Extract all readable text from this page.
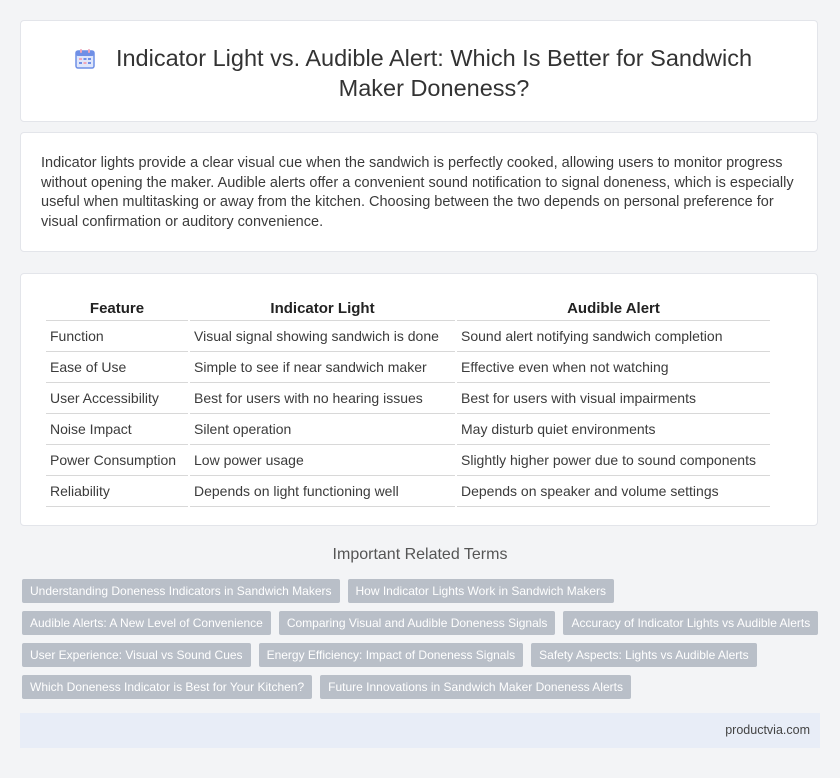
Indicator Light vs. Audible Alert: Which Is Better for Sandwich Maker Doneness?

Indicator lights provide a clear visual cue when the sandwich is perfectly cooked, allowing users to monitor progress without opening the maker. Audible alerts offer a convenient sound notification to signal doneness, which is especially useful when multitasking or away from the kitchen. Choosing between the two depends on personal preference for visual confirmation or auditory convenience.

Feature	Indicator Light	Audible Alert
Function	Visual signal showing sandwich is done	Sound alert notifying sandwich completion
Ease of Use	Simple to see if near sandwich maker	Effective even when not watching
User Accessibility	Best for users with no hearing issues	Best for users with visual impairments
Noise Impact	Silent operation	May disturb quiet environments
Power Consumption	Low power usage	Slightly higher power due to sound components
Reliability	Depends on light functioning well	Depends on speaker and volume settings
Important Related Terms
Understanding Doneness Indicators in Sandwich Makers	How Indicator Lights Work in Sandwich Makers
Audible Alerts: A New Level of Convenience	Comparing Visual and Audible Doneness Signals	Accuracy of Indicator Lights vs Audible Alerts
User Experience: Visual vs Sound Cues	Energy Efficiency: Impact of Doneness Signals	Safety Aspects: Lights vs Audible Alerts
Which Doneness Indicator is Best for Your Kitchen?	Future Innovations in Sandwich Maker Doneness Alerts
productvia.com
